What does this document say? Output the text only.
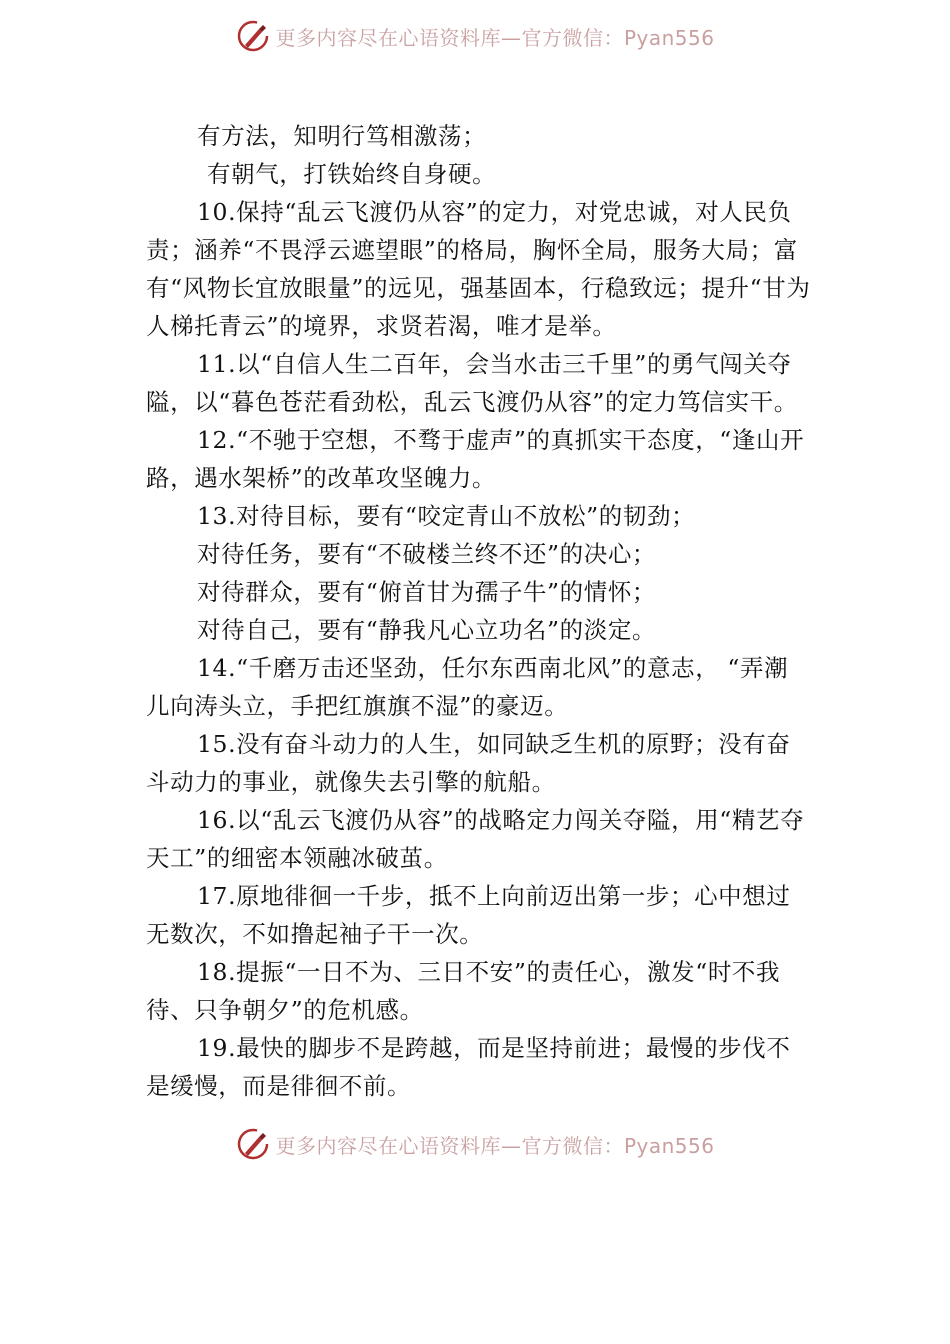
更多内容尽在心语资料库—官方微信：Pyan556

有方法，知明行笃相激荡；

有朝气，打铁始终自身硬。

10.保持“乱云飞渡仍从容”的定力，对党忠诚，对人民负责；涵养“不畏浮云遮望眼”的格局，胸怀全局，服务大局；富有“风物长宜放眼量”的远见，强基固本，行稳致远；提升“甘为人梯托青云”的境界，求贤若渴，唯才是举。

11.以“自信人生二百年，会当水击三千里”的勇气闯关夺隘，以“暮色苍茫看劲松，乱云飞渡仍从容”的定力笃信实干。

12.“不驰于空想，不骛于虚声”的真抓实干态度，“逢山开路，遇水架桥”的改革攻坚魄力。

13.对待目标，要有“咬定青山不放松”的韧劲；

对待任务，要有“不破楼兰终不还”的决心；

对待群众，要有“俯首甘为孺子牛”的情怀；

对待自己，要有“静我凡心立功名”的淡定。

14.“千磨万击还坚劲，任尔东西南北风”的意志， “弄潮儿向涛头立，手把红旗旗不湿”的豪迈。

15.没有奋斗动力的人生，如同缺乏生机的原野；没有奋斗动力的事业，就像失去引擎的航船。

16.以“乱云飞渡仍从容”的战略定力闯关夺隘，用“精艺夺天工”的细密本领融冰破茧。

17.原地徘徊一千步，抵不上向前迈出第一步；心中想过无数次，不如撸起袖子干一次。

18.提振“一日不为、三日不安”的责任心，激发“时不我待、只争朝夕”的危机感。

19.最快的脚步不是跨越，而是坚持前进；最慢的步伐不是缓慢，而是徘徊不前。

更多内容尽在心语资料库—官方微信：Pyan556
